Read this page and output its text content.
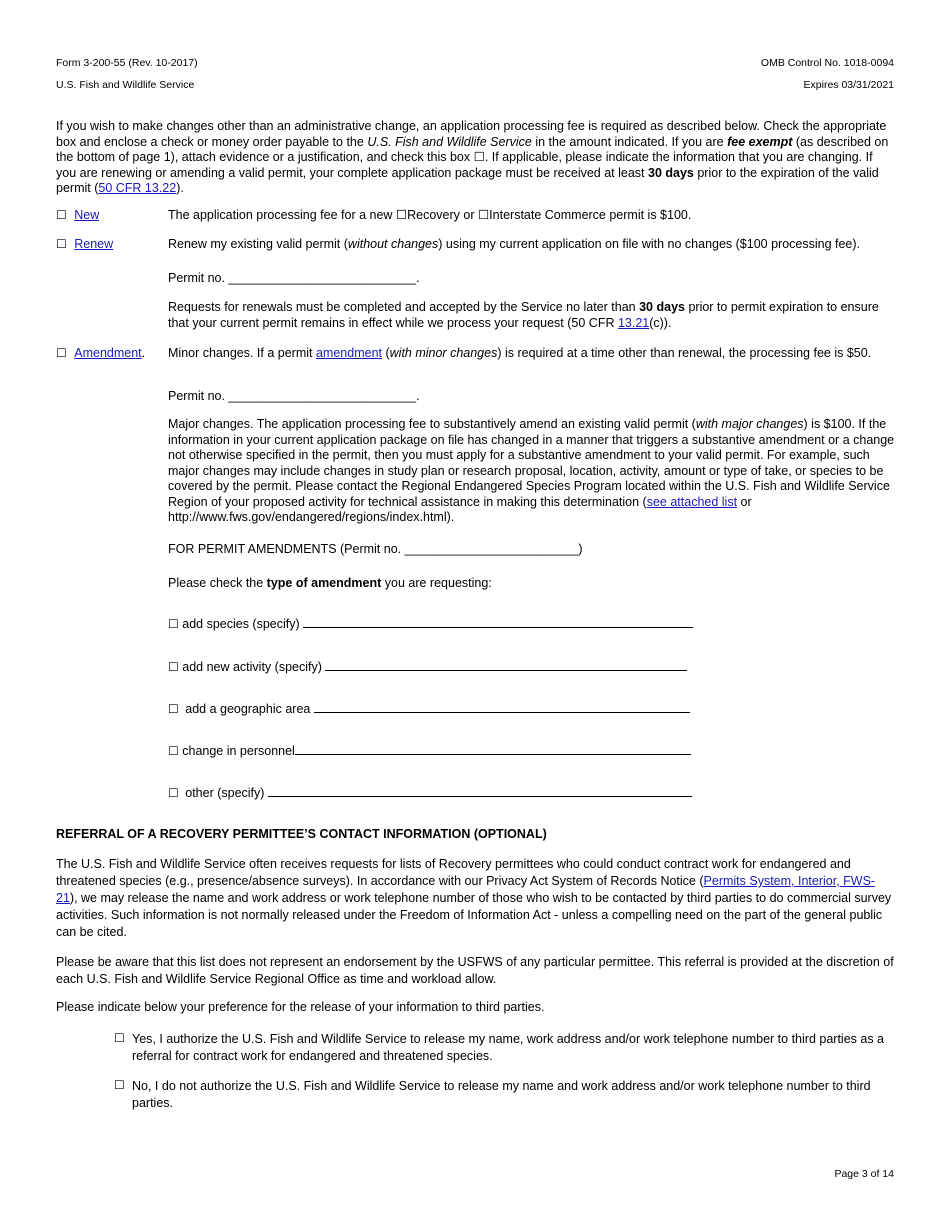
Form 3-200-55 (Rev. 10-2017)
U.S. Fish and Wildlife Service
OMB Control No. 1018-0094
Expires 03/31/2021
If you wish to make changes other than an administrative change, an application processing fee is required as described below. Check the appropriate box and enclose a check or money order payable to the U.S. Fish and Wildlife Service in the amount indicated. If you are fee exempt (as described on the bottom of page 1), attach evidence or a justification, and check this box ☐. If applicable, please indicate the information that you are changing. If you are renewing or amending a valid permit, your complete application package must be received at least 30 days prior to the expiration of the valid permit (50 CFR 13.22).
☐ New	The application processing fee for a new ☐Recovery or ☐Interstate Commerce permit is $100.
☐ Renew	Renew my existing valid permit (without changes) using my current application on file with no changes ($100 processing fee).
Permit no. ___________________________.
Requests for renewals must be completed and accepted by the Service no later than 30 days prior to permit expiration to ensure that your current permit remains in effect while we process your request (50 CFR 13.21(c)).
☐ Amendment. Minor changes. If a permit amendment (with minor changes) is required at a time other than renewal, the processing fee is $50.
Permit no. ___________________________.
Major changes. The application processing fee to substantively amend an existing valid permit (with major changes) is $100. If the information in your current application package on file has changed in a manner that triggers a substantive amendment or a change not otherwise specified in the permit, then you must apply for a substantive amendment to your valid permit. For example, such major changes may include changes in study plan or research proposal, location, activity, amount or type of take, or species to be covered by the permit. Please contact the Regional Endangered Species Program located within the U.S. Fish and Wildlife Service Region of your proposed activity for technical assistance in making this determination (see attached list or http://www.fws.gov/endangered/regions/index.html).
FOR PERMIT AMENDMENTS (Permit no. _________________________)
Please check the type of amendment you are requesting:
☐ add species (specify)
☐ add new activity (specify)
☐ add a geographic area
☐ change in personnel
☐ other (specify)
REFERRAL OF A RECOVERY PERMITTEE’S CONTACT INFORMATION (OPTIONAL)
The U.S. Fish and Wildlife Service often receives requests for lists of Recovery permittees who could conduct contract work for endangered and threatened species (e.g., presence/absence surveys). In accordance with our Privacy Act System of Records Notice (Permits System, Interior, FWS-21), we may release the name and work address or work telephone number of those who wish to be contacted by third parties to do commercial survey activities. Such information is not normally released under the Freedom of Information Act - unless a compelling need on the part of the general public can be cited.
Please be aware that this list does not represent an endorsement by the USFWS of any particular permittee. This referral is provided at the discretion of each U.S. Fish and Wildlife Service Regional Office as time and workload allow.
Please indicate below your preference for the release of your information to third parties.
☐ Yes, I authorize the U.S. Fish and Wildlife Service to release my name, work address and/or work telephone number to third parties as a referral for contract work for endangered and threatened species.
☐ No, I do not authorize the U.S. Fish and Wildlife Service to release my name and work address and/or work telephone number to third parties.
Page 3 of 14
